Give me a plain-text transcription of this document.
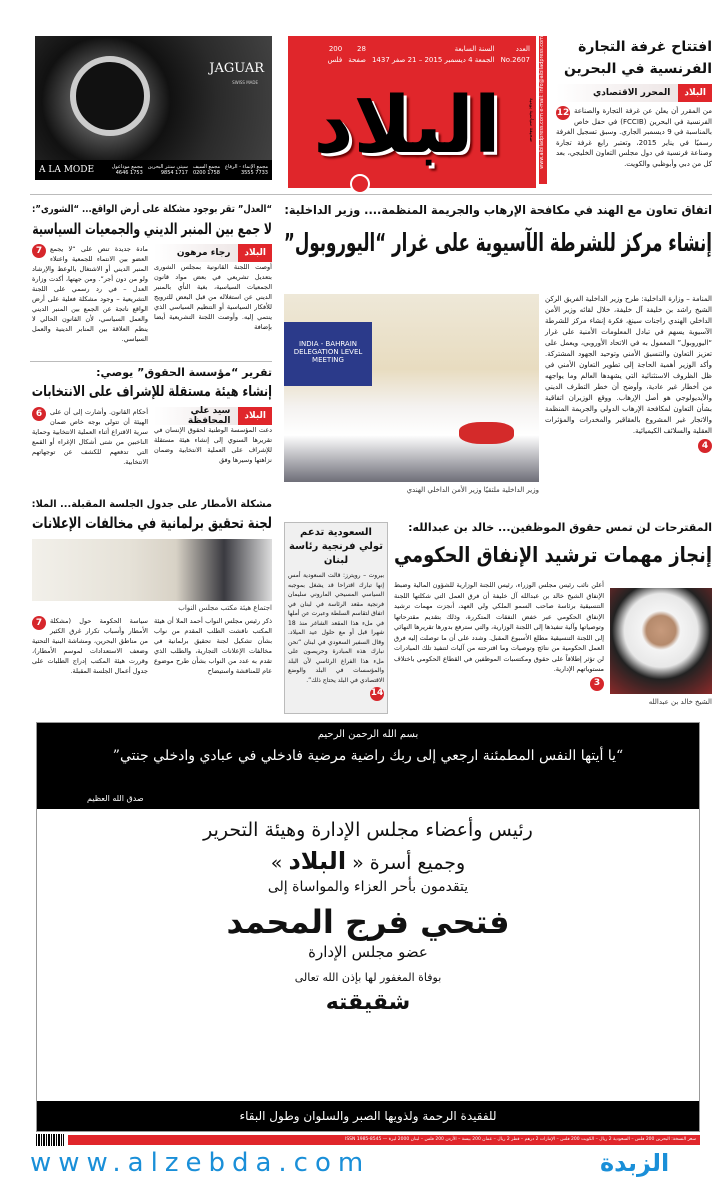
JAGUAR
SWISS MADE
A LA MODE	مجمع الإنماء - الرفاع
7733 3555
مجمع السيف
1758 0200
سيتي سنتر البحرين
1717 9854
مجمع موداعول
1753 4646
العدد
No.2607
السنة السابعة
الجمعة 4 ديسمبر 2015 – 21 صفر 1437
28
صفحة
200
فلس
البلاد	صحيفة سياسية يومية www.albiladpress.com e-mail: info@albiladpress.com	افتتاح غرفة التجارة الفرنسية في البحرين
البلاد
المحرر الاقتصادي
12 من المقرر أن يعلن عن غرفة التجارة والصناعة الفرنسية في البحرين (FCCIB) في حفل خاص بالمناسبة في 9 ديسمبر الجاري. وسبق تسجيل الغرفة رسميًا في يناير 2015، وتعتبر رابع غرفة تجارة وصناعة فرنسية في دول مجلس التعاون الخليجي، بعد كل من دبي وأبوظبي والكويت.
اتفاق تعاون مع الهند في مكافحة الإرهاب والجريمة المنظمة.... وزير الداخلية:
إنشاء مركز للشرطة الآسيوية على غرار “اليوروبول”
INDIA - BAHRAIN DELEGATION LEVEL MEETING
وزير الداخلية ملتقيًا وزير الأمن الداخلي الهندي
المنامة – وزارة الداخلية: طرح وزير الداخلية الفريق الركن الشيخ راشد بن خليفة آل خليفة، خلال لقائه وزير الأمن الداخلي الهندي راجنات سينغ، فكرة إنشاء مركز للشرطة الآسيوية يسهم في تبادل المعلومات الأمنية على غرار “اليوروبول” المعمول به في الاتحاد الأوروبي، ويعمل على تعزيز التعاون والتنسيق الأمني وتوحيد الجهود المشتركة. وأكد الوزير أهمية الحاجة إلى تطوير التعاون الأمني في ظل الظروف الاستثنائية التي يشهدها العالم وما يواجهه من أخطار غير عادية، وأوضح أن خطر التطرف الديني والأيديولوجي هو أصل الإرهاب. ووقع الوزيران اتفاقية بشأن التعاون لمكافحة الإرهاب الدولي والجريمة المنظمة والاتجار غير المشروع بالعقاقير والمخدرات والمؤثرات العقلية والسلائف الكيميائية.
4
“العدل” تقر بوجود مشكلة على أرض الواقع... “الشورى”:
لا جمع بين المنبر الديني والجمعيات السياسية
البلاد
رجاء مرهون
أوصت اللجنة القانونية بمجلس الشورى بتعديل تشريعي في بعض مواد قانون الجمعيات السياسية، بغية النأي بالمنبر الديني عن استغلاله من قبل البعض للترويج للأفكار السياسية أو التنظيم السياسي الذي ينتمي إليه. وأوصت اللجنة التشريعية أيضا بإضافة
7	مادة جديدة تنص على “لا يجمع العضو بين الانتماء للجمعية واعتلاء المنبر الديني أو الاشتغال بالوعظ والإرشاد ولو من دون أجر”. ومن جهتها، أكدت وزارة العدل – في رد رسمي على اللجنة التشريعية – وجود مشكلة فعلية على أرض الواقع ناتجة عن الجمع بين المنبر الديني والعمل السياسي، لأن القانون الحالي لا ينظم العلاقة بين المنابر الدينية والعمل السياسي.
تقرير “مؤسسة الحقوق” يوصي:
إنشاء هيئة مستقلة للإشراف على الانتخابات
البلاد
سيد علي المحافظة
دعت المؤسسة الوطنية لحقوق الإنسان في تقريرها السنوي إلى إنشاء هيئة مستقلة للإشراف على العملية الانتخابية وضمان نزاهتها وسيرها وفق
6	أحكام القانون. وأشارت إلى أن على الهيئة أن تتولى بوجه خاص ضمان سرية الاقتراع أثناء العملية الانتخابية وحماية الناخبين من شتى أشكال الإغراء أو القمع التي تدفعهم للكشف عن توجهاتهم الانتخابية.
مشكلة الأمطار على جدول الجلسة المقبلة... الملا:
لجنة تحقيق برلمانية في مخالفات الإعلانات
اجتماع هيئة مكتب مجلس النواب
ذكر رئيس مجلس النواب أحمد الملا أن هيئة المكتب ناقشت الطلب المقدم من نواب بشأن تشكيل لجنة تحقيق برلمانية في مخالفات الإعلانات التجارية، والطلب الذي تقدم به عدد من النواب بشأن طرح موضوع عام للمناقشة واستيضاح
7	سياسة الحكومة حول (مشكلة الأمطار وأسباب تكرار غرق الكثير من مناطق البحرين، ومشاشة البنية التحتية وضعف الاستعدادات لموسم الأمطار)، وقررت هيئة المكتب إدراج الطلبات على جدول أعمال الجلسة المقبلة.
السعودية تدعم تولي فرنجية رئاسة لبنان
بيروت – رويترز: قالت السعودية أمس إنها تبارك اقتراحا قد يشغل بموجبه السياسي المسيحي الماروني سليمان فرنجية مقعد الرئاسة في لبنان في اتفاق لتقاسم السلطة وعبرت عن أملها في ملء هذا المقعد الشاغر منذ 18 شهرا قبل أو مع حلول عيد الميلاد. وقال السفير السعودي في لبنان “نحن نبارك هذه المبادرة وحريصون على ملء هذا الفراغ الرئاسي لأن البلد والمؤسسات في البلد والوضع الاقتصادي في البلد يحتاج ذلك”.
14
المقترحات لن تمس حقوق الموظفين... خالد بن عبدالله:
إنجاز مهمات ترشيد الإنفاق الحكومي
الشيخ خالد بن عبدالله
أعلن نائب رئيس مجلس الوزراء، رئيس اللجنة الوزارية للشؤون المالية وضبط الإنفاق الشيخ خالد بن عبدالله آل خليفة أن فرق العمل التي شكلتها اللجنة التنسيقية برئاسة صاحب السمو الملكي ولي العهد، أنجزت مهمات ترشيد الإنفاق الحكومي عبر خفض النفقات المتكررة، وذلك بتقديم مقترحاتها وتوصياتها وآلية تنفيذها إلى اللجنة الوزارية، والتي سترفع بدورها تقريرها النهائي إلى اللجنة التنسيقية مطلع الأسبوع المقبل. وشدد على أن ما توصلت إليه فرق العمل الحكومية من نتائج وتوصيات وما اقترحته من آليات لتنفيذ تلك المبادرات لن تؤثر إطلاقاً على حقوق ومكتسبات الموظفين في القطاع الحكومي باختلاف مستوياتهم الإدارية.
3
بسم الله الرحمن الرحيم
“يا أيتها النفس المطمئنة ارجعي إلى ربك راضية مرضية فادخلي في عبادي وادخلي جنتي”
صدق الله العظيم
رئيس وأعضاء مجلس الإدارة وهيئة التحرير
وجميع أسرة « البلاد »
يتقدمون بأحر العزاء والمواساة إلى
فتحي فرج المحمد
عضو مجلس الإدارة
بوفاة المغفور لها بإذن الله تعالى
شقيقته
للفقيدة الرحمة ولذويها الصبر والسلوان وطول البقاء
سعر النسخة: البحرين 200 فلس – السعودية 2 ريال – الكويت 200 فلس – الإمارات 2 درهم – قطر 2 ريال – عمان 200 بيسة – الأردن 200 فلس – لبنان 2000 ليرة — ISSN 1985-8545
www.alzebda.com	الزبدة
